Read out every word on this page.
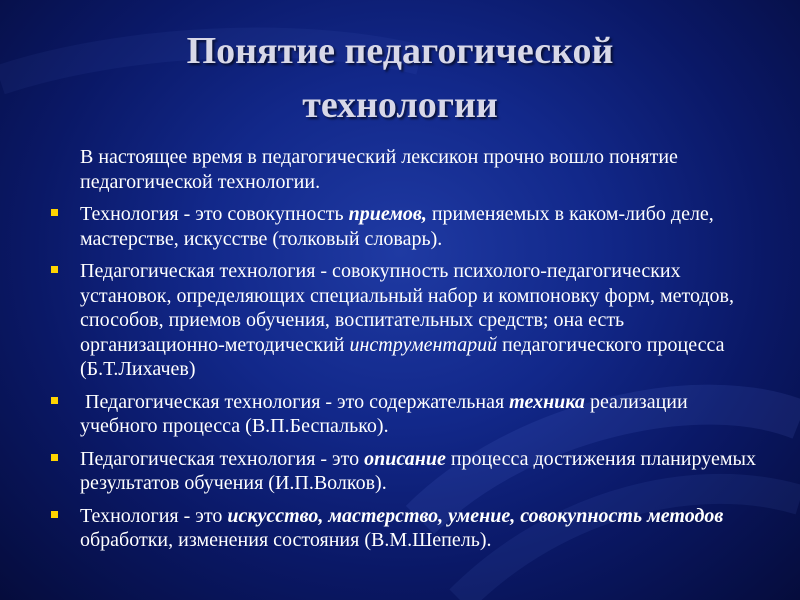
Понятие педагогической
технологии

В настоящее время в педагогический лексикон прочно вошло понятие педагогической технологии.

Технология - это совокупность приемов, применяемых в каком-либо деле, мастерстве, искусстве (толковый словарь).

Педагогическая технология - совокупность психолого-педагогических установок, определяющих специальный набор и компоновку форм, методов, способов, приемов обучения, воспитательных средств; она есть организационно-методический инструментарий педагогического процесса (Б.Т.Лихачев)

Педагогическая технология - это содержательная техника реализации учебного процесса (В.П.Беспалько).

Педагогическая технология - это описание процесса достижения планируемых результатов обучения (И.П.Волков).

Технология - это искусство, мастерство, умение, совокупность методов обработки, изменения состояния (В.М.Шепель).
